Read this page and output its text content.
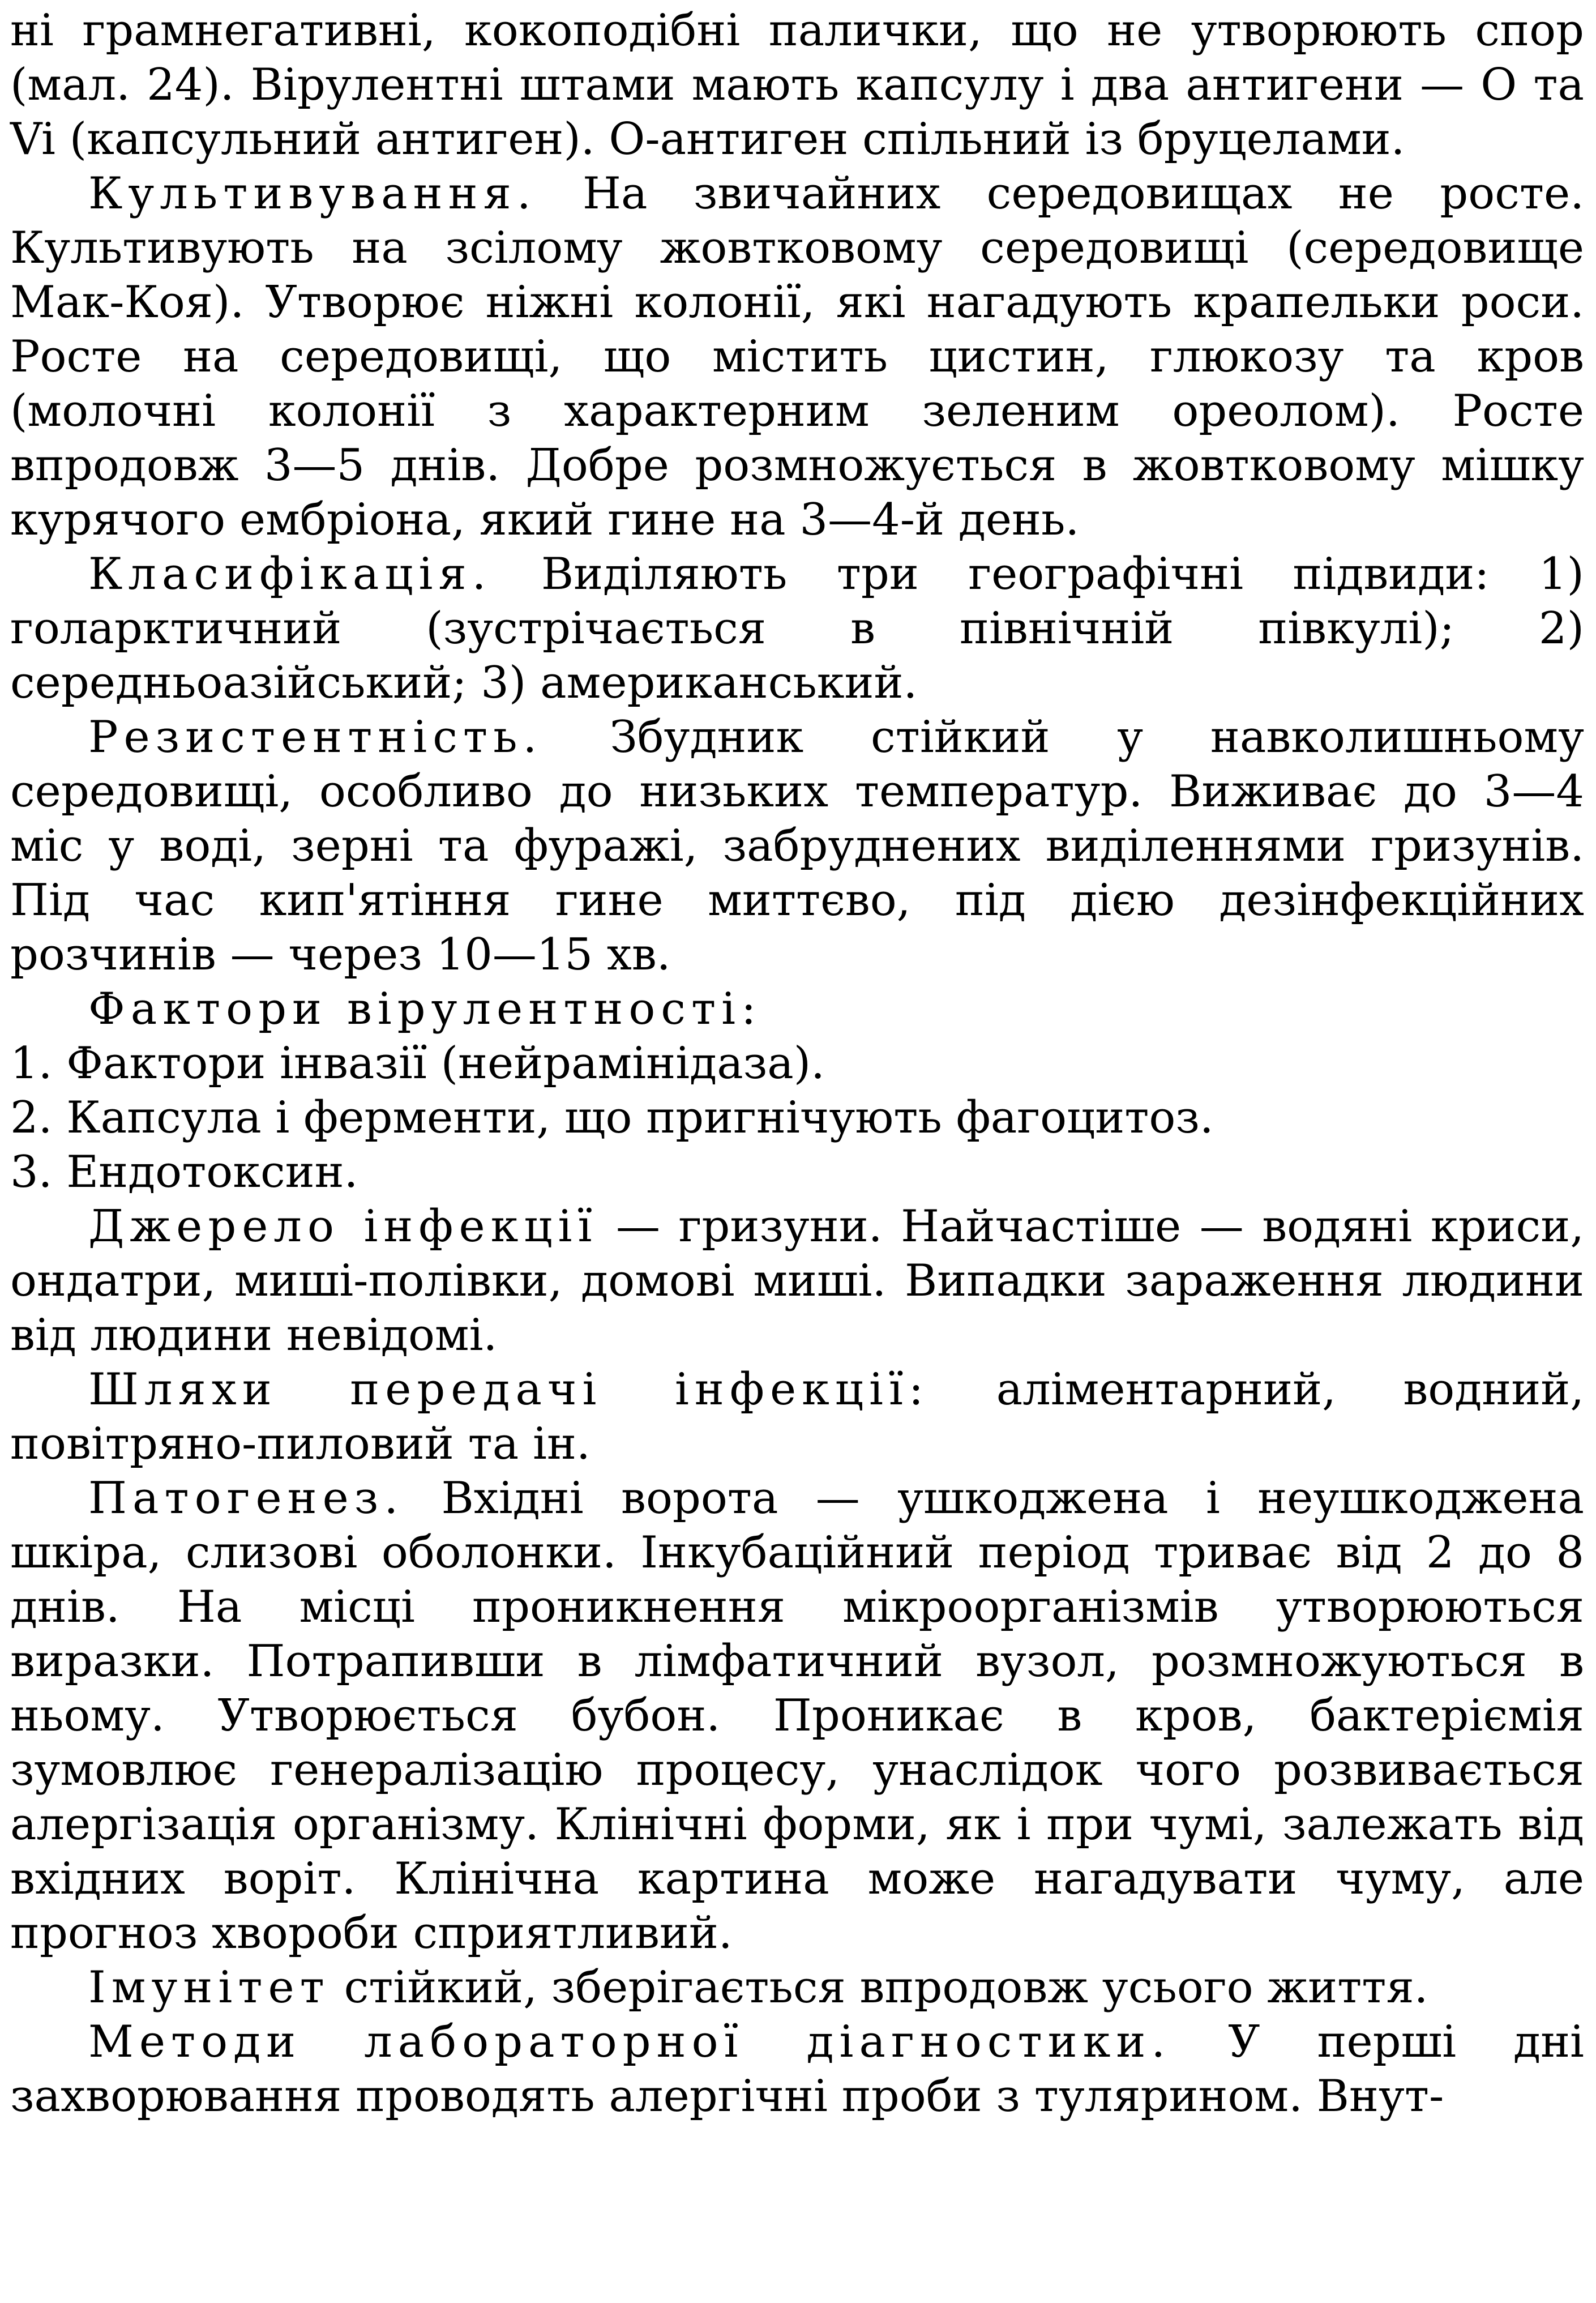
ні грамнегативні, кокоподібні палички, що не утворюють спор (мал. 24). Вірулентні штами мають капсулу і два антигени — О та Vi (капсульний антиген). О-антиген спільний із бруцелами.

Культивування. На звичайних середовищах не росте. Культивують на зсіломy жовтковому середовищі (середовище Мак-Коя). Утворює ніжні колонії, які нагадують крапельки роси. Росте на середовищі, що містить цистин, глюкозу та кров (молочні колонії з характерним зеленим ореолом). Росте впродовж 3—5 днів. Добре розмножується в жовтковому мішку курячого ембріона, який гине на 3—4-й день.

Класифікація. Виділяють три географічні підвиди: 1) голарктичний (зустрічається в північній півкулі); 2) середньоазійський; 3) американський.

Резистентність. Збудник стійкий у навколишньому середовищі, особливо до низьких температур. Виживає до 3—4 міс у воді, зерні та фуражі, забруднених виділеннями гризунів. Під час кип'ятіння гине миттєво, під дією дезінфекційних розчинів — через 10—15 хв.

Фактори вірулентності:

1. Фактори інвазії (нейрамінідаза).

2. Капсула і ферменти, що пригнічують фагоцитоз.

3. Ендотоксин.

Джерело інфекції — гризуни. Найчастіше — водяні криси, ондатри, миші-полівки, домові миші. Випадки зараження людини від людини невідомі.

Шляхи передачі інфекції: аліментарний, водний, повітряно-пиловий та ін.

Патогенез. Вхідні ворота — ушкоджена і неушкоджена шкіра, слизові оболонки. Інкубаційний період триває від 2 до 8 днів. На місці проникнення мікроорганізмів утворюються виразки. Потрапивши в лімфатичний вузол, розмножуються в ньому. Утворюється бубон. Проникає в кров, бактеріємія зумовлює генералізацію процесу, унаслідок чого розвивається алергізація організму. Клінічні форми, як і при чумі, залежать від вхідних воріт. Клінічна картина може нагадувати чуму, але прогноз хвороби сприятливий.

Імунітет стійкий, зберігається впродовж усього життя.

Методи лабораторної діагностики. У перші дні захворювання проводять алергічні проби з тулярином. Внут-
